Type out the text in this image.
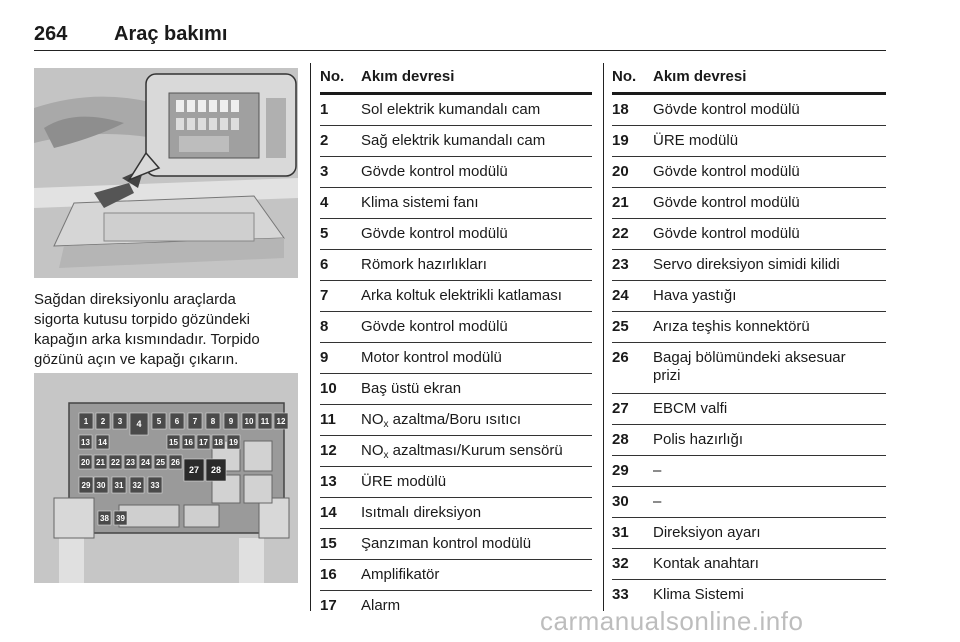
264 Araç bakımı
Sağdan direksiyonlu araçlarda
sigorta kutusu torpido gözündeki
kapağın arka kısmındadır. Torpido
gözünü açın ve kapağı çıkarın.
1 2 3 4 5 6 7 8 9 10 11 12
13 14	15 16 17 18 19
20 21 22 23 24 25 26
27 28
29 30 31 32 33
38 39
No. Akım devresi
1 Sol elektrik kumandalı cam
2 Sağ elektrik kumandalı cam
3 Gövde kontrol modülü
4 Klima sistemi fanı
5 Gövde kontrol modülü
6 Römork hazırlıkları
7 Arka koltuk elektrikli katlaması
8 Gövde kontrol modülü
9 Motor kontrol modülü
10 Baş üstü ekran
11 $NO_x$ azaltma/Boru ısıtıcı
12 $NO_x$ azaltması/Kurum sensörü
13 ÜRE modülü
14 Isıtmalı direksiyon
15 Şanzıman kontrol modülü
16 Amplifikatör
17 Alarm
No. Akım devresi
18 Gövde kontrol modülü
19 ÜRE modülü
20 Gövde kontrol modülü
21 Gövde kontrol modülü
22 Gövde kontrol modülü
23 Servo direksiyon simidi kilidi
24 Hava yastığı
25 Arıza teşhis konnektörü
26 Bagaj bölümündeki aksesuar
prizi
27 EBCM valfi
28 Polis hazırlığı
29 –
30 –
31 Direksiyon ayarı
32 Kontak anahtarı
33 Klima Sistemi
carmanualsonline.info
